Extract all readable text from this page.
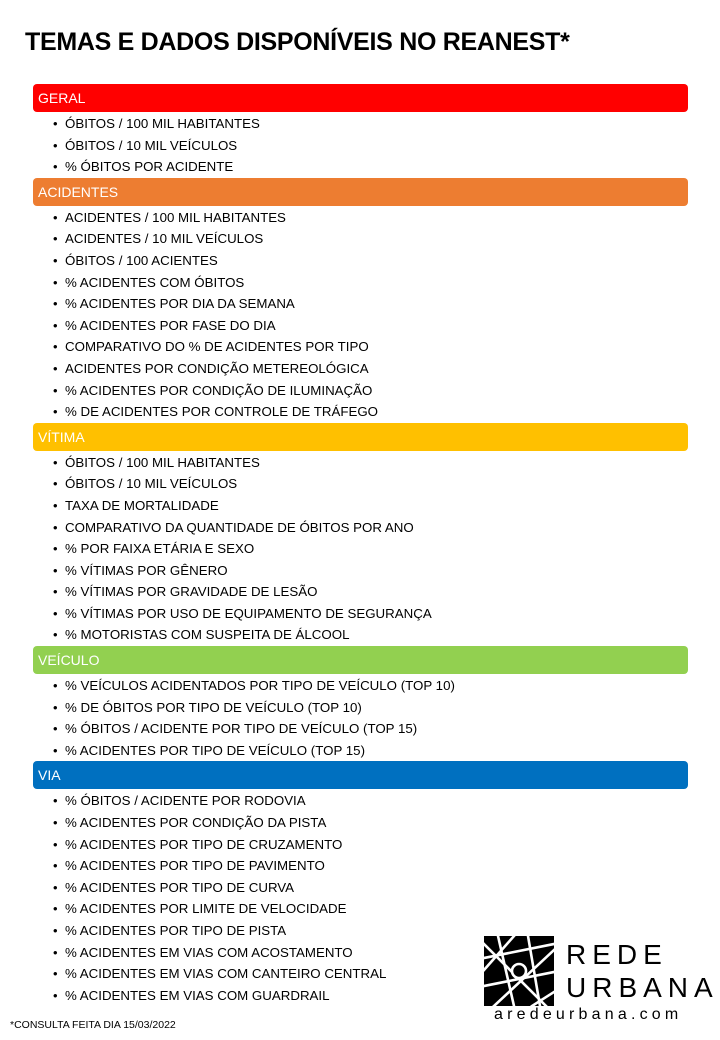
TEMAS E DADOS DISPONÍVEIS NO REANEST*
GERAL
• ÓBITOS / 100 MIL HABITANTES
• ÓBITOS / 10 MIL VEÍCULOS
• % ÓBITOS POR ACIDENTE
ACIDENTES
• ACIDENTES / 100 MIL HABITANTES
• ACIDENTES / 10 MIL VEÍCULOS
• ÓBITOS / 100 ACIENTES
• % ACIDENTES COM ÓBITOS
• % ACIDENTES POR DIA DA SEMANA
• % ACIDENTES POR FASE DO DIA
• COMPARATIVO DO % DE ACIDENTES POR TIPO
• ACIDENTES POR CONDIÇÃO METEREOLÓGICA
• % ACIDENTES POR CONDIÇÃO DE ILUMINAÇÃO
• % DE ACIDENTES POR CONTROLE DE TRÁFEGO
VÍTIMA
• ÓBITOS / 100 MIL HABITANTES
• ÓBITOS / 10 MIL VEÍCULOS
• TAXA DE MORTALIDADE
• COMPARATIVO DA QUANTIDADE DE ÓBITOS POR ANO
• % POR FAIXA ETÁRIA E SEXO
• % VÍTIMAS POR GÊNERO
• % VÍTIMAS POR GRAVIDADE DE LESÃO
• % VÍTIMAS POR USO DE EQUIPAMENTO DE SEGURANÇA
• % MOTORISTAS COM SUSPEITA DE ÁLCOOL
VEÍCULO
• % VEÍCULOS ACIDENTADOS POR TIPO DE VEÍCULO (TOP 10)
• % DE ÓBITOS POR TIPO DE VEÍCULO (TOP 10)
• % ÓBITOS / ACIDENTE POR TIPO DE VEÍCULO (TOP 15)
• % ACIDENTES POR TIPO DE VEÍCULO (TOP 15)
VIA
• % ÓBITOS / ACIDENTE POR RODOVIA
• % ACIDENTES POR CONDIÇÃO DA PISTA
• % ACIDENTES POR TIPO DE CRUZAMENTO
• % ACIDENTES POR TIPO DE PAVIMENTO
• % ACIDENTES POR TIPO DE CURVA
• % ACIDENTES POR LIMITE DE VELOCIDADE
• % ACIDENTES POR TIPO DE PISTA
• % ACIDENTES EM VIAS COM ACOSTAMENTO
• % ACIDENTES EM VIAS COM CANTEIRO CENTRAL
• % ACIDENTES EM VIAS COM GUARDRAIL
*CONSULTA FEITA DIA 15/03/2022
REDE
URBANA
aredeurbana.com
